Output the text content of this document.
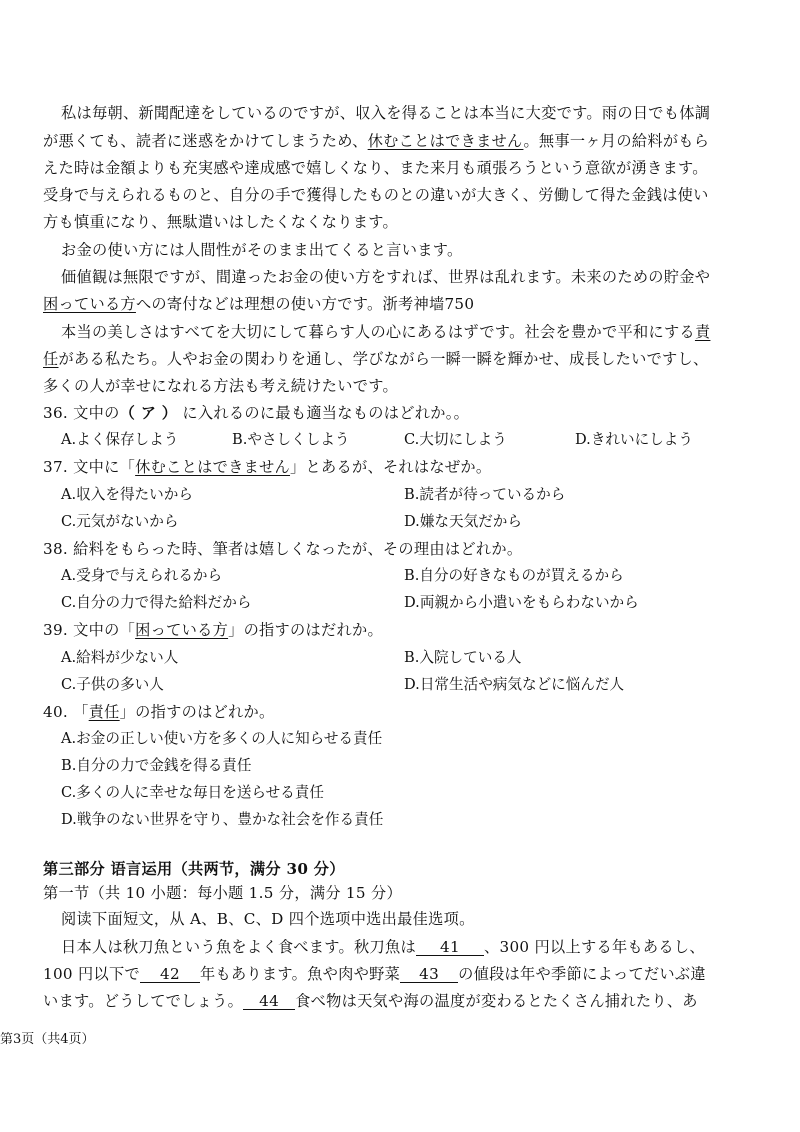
私は毎朝、新聞配達をしているのですが、収入を得ることは本当に大変です。雨の日でも体調
が悪くても、読者に迷惑をかけてしまうため、休むことはできません。無事一ヶ月の給料がもら
えた時は金額よりも充実感や達成感で嬉しくなり、また来月も頑張ろうという意欲が湧きます。
受身で与えられるものと、自分の手で獲得したものとの違いが大きく、労働して得た金銭は使い
方も慎重になり、無駄遣いはしたくなくなります。
お金の使い方には人間性がそのまま出てくると言います。
価値観は無限ですが、間違ったお金の使い方をすれば、世界は乱れます。未来のための貯金や
困っている方への寄付などは理想の使い方です。浙考神墙750
本当の美しさはすべてを大切にして暮らす人の心にあるはずです。社会を豊かで平和にする責
任がある私たち。人やお金の関わりを通し、学びながら一瞬一瞬を輝かせ、成長したいですし、
多くの人が幸せになれる方法も考え続けたいです。
36. 文中の（ ア ） に入れるのに最も適当なものはどれか。。
A.よく保存しよう	B.やさしくしよう	C.大切にしよう	D.きれいにしよう
37. 文中に「休むことはできません」とあるが、それはなぜか。
A.収入を得たいから	B.読者が待っているから
C.元気がないから	D.嫌な天気だから
38. 給料をもらった時、筆者は嬉しくなったが、その理由はどれか。
A.受身で与えられるから	B.自分の好きなものが買えるから
C.自分の力で得た給料だから	D.両親から小遣いをもらわないから
39. 文中の「困っている方」の指すのはだれか。
A.給料が少ない人	B.入院している人
C.子供の多い人	D.日常生活や病気などに悩んだ人
40. 「責任」の指すのはどれか。
A.お金の正しい使い方を多くの人に知らせる責任
B.自分の力で金銭を得る責任
C.多くの人に幸せな毎日を送らせる責任
D.戦争のない世界を守り、豊かな社会を作る責任
第三部分 语言运用（共两节，满分 30 分）
第一节（共 10 小题：每小题 1.5 分，满分 15 分）
阅读下面短文，从 A、B、C、D 四个选项中选出最佳选项。
日本人は秋刀魚という魚をよく食べます。秋刀魚は 41 、300 円以上する年もあるし、
100 円以下で 42 年もあります。魚や肉や野菜 43 の値段は年や季節によってだいぶ違
います。どうしてでしょう。 44 食べ物は天気や海の温度が変わるとたくさん捕れたり、あ
第3页（共4页）
